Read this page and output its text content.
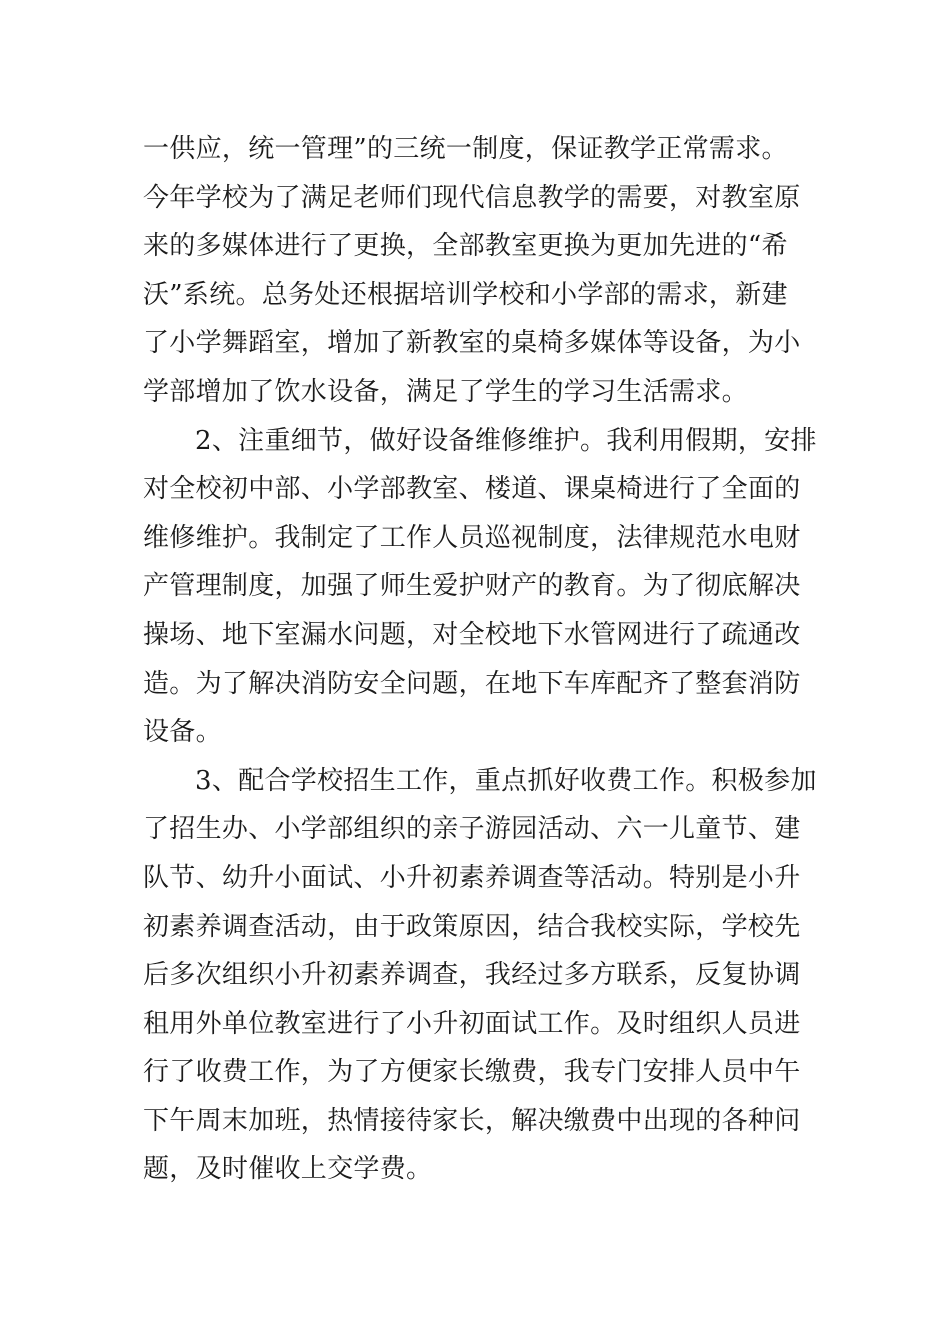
一供应，统一管理”的三统一制度，保证教学正常需求。
今年学校为了满足老师们现代信息教学的需要，对教室原
来的多媒体进行了更换，全部教室更换为更加先进的“希
沃”系统。总务处还根据培训学校和小学部的需求，新建
了小学舞蹈室，增加了新教室的桌椅多媒体等设备，为小
学部增加了饮水设备，满足了学生的学习生活需求。
2、注重细节，做好设备维修维护。我利用假期，安排
对全校初中部、小学部教室、楼道、课桌椅进行了全面的
维修维护。我制定了工作人员巡视制度，法律规范水电财
产管理制度，加强了师生爱护财产的教育。为了彻底解决
操场、地下室漏水问题，对全校地下水管网进行了疏通改
造。为了解决消防安全问题，在地下车库配齐了整套消防
设备。
3、配合学校招生工作，重点抓好收费工作。积极参加
了招生办、小学部组织的亲子游园活动、六一儿童节、建
队节、幼升小面试、小升初素养调查等活动。特别是小升
初素养调查活动，由于政策原因，结合我校实际，学校先
后多次组织小升初素养调查，我经过多方联系，反复协调
租用外单位教室进行了小升初面试工作。及时组织人员进
行了收费工作，为了方便家长缴费，我专门安排人员中午
下午周末加班，热情接待家长，解决缴费中出现的各种问
题，及时催收上交学费。
